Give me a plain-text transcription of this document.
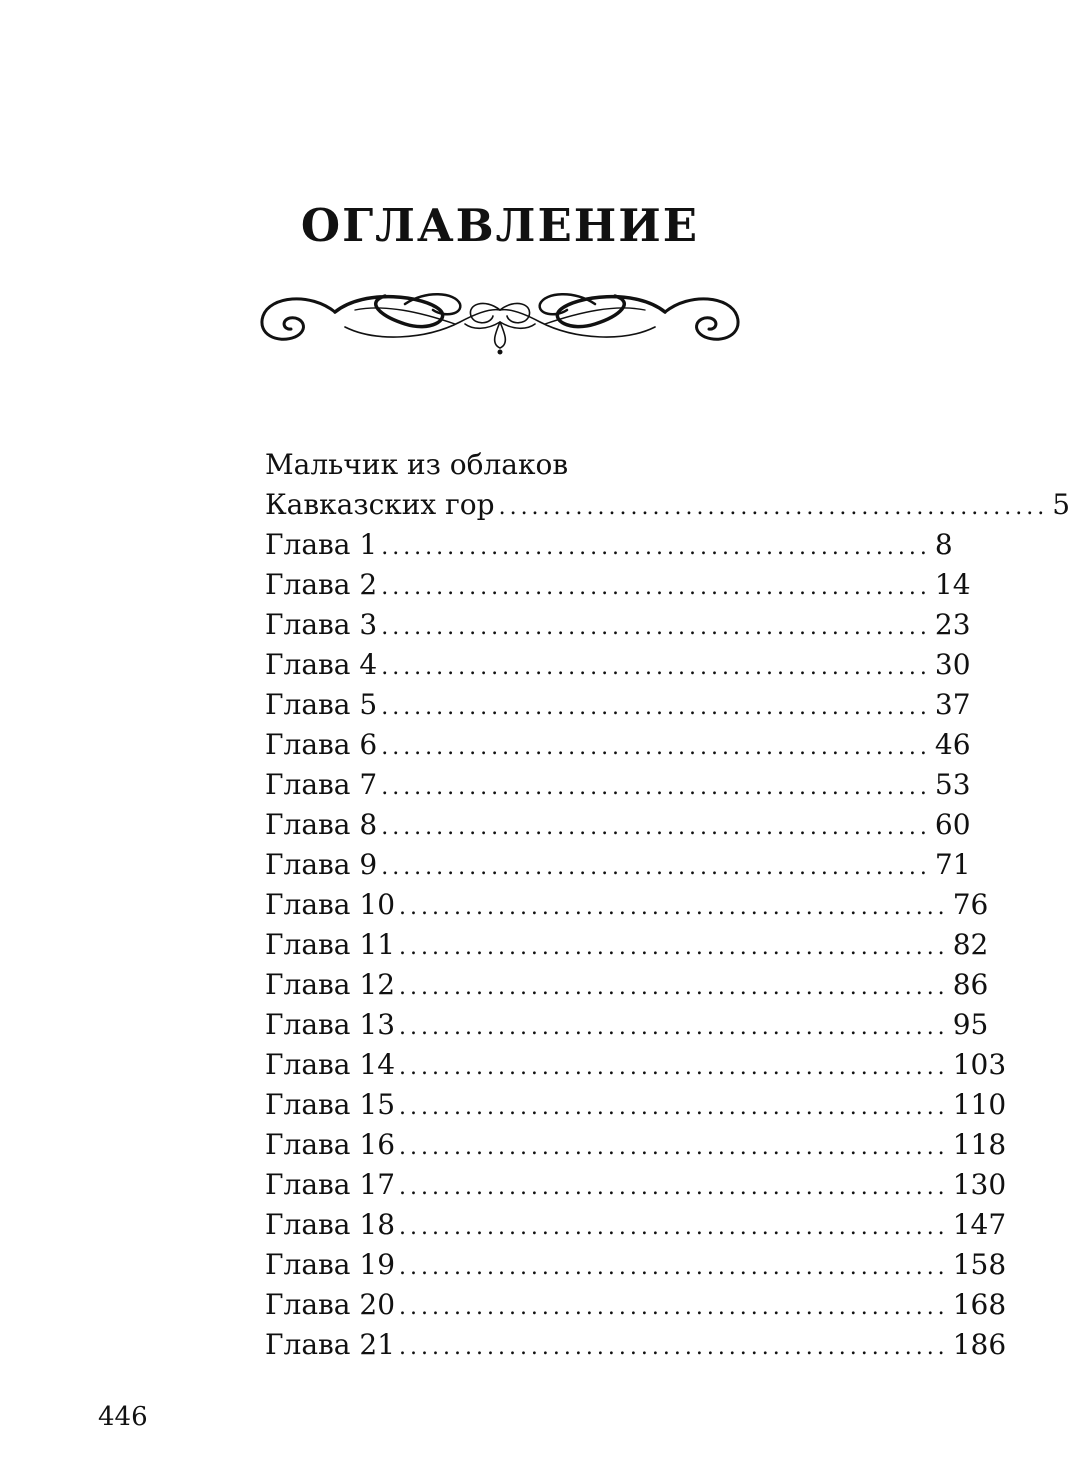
ОГЛАВЛЕНИЕ
Мальчик из облаков
Кавказских гор .................................................. 5
Глава 1 .................................................. 8
Глава 2 .................................................. 14
Глава 3 .................................................. 23
Глава 4 .................................................. 30
Глава 5 .................................................. 37
Глава 6 .................................................. 46
Глава 7 .................................................. 53
Глава 8 .................................................. 60
Глава 9 .................................................. 71
Глава 10 .................................................. 76
Глава 11 .................................................. 82
Глава 12 .................................................. 86
Глава 13 .................................................. 95
Глава 14 .................................................. 103
Глава 15 .................................................. 110
Глава 16 .................................................. 118
Глава 17 .................................................. 130
Глава 18 .................................................. 147
Глава 19 .................................................. 158
Глава 20 .................................................. 168
Глава 21 .................................................. 186
446
